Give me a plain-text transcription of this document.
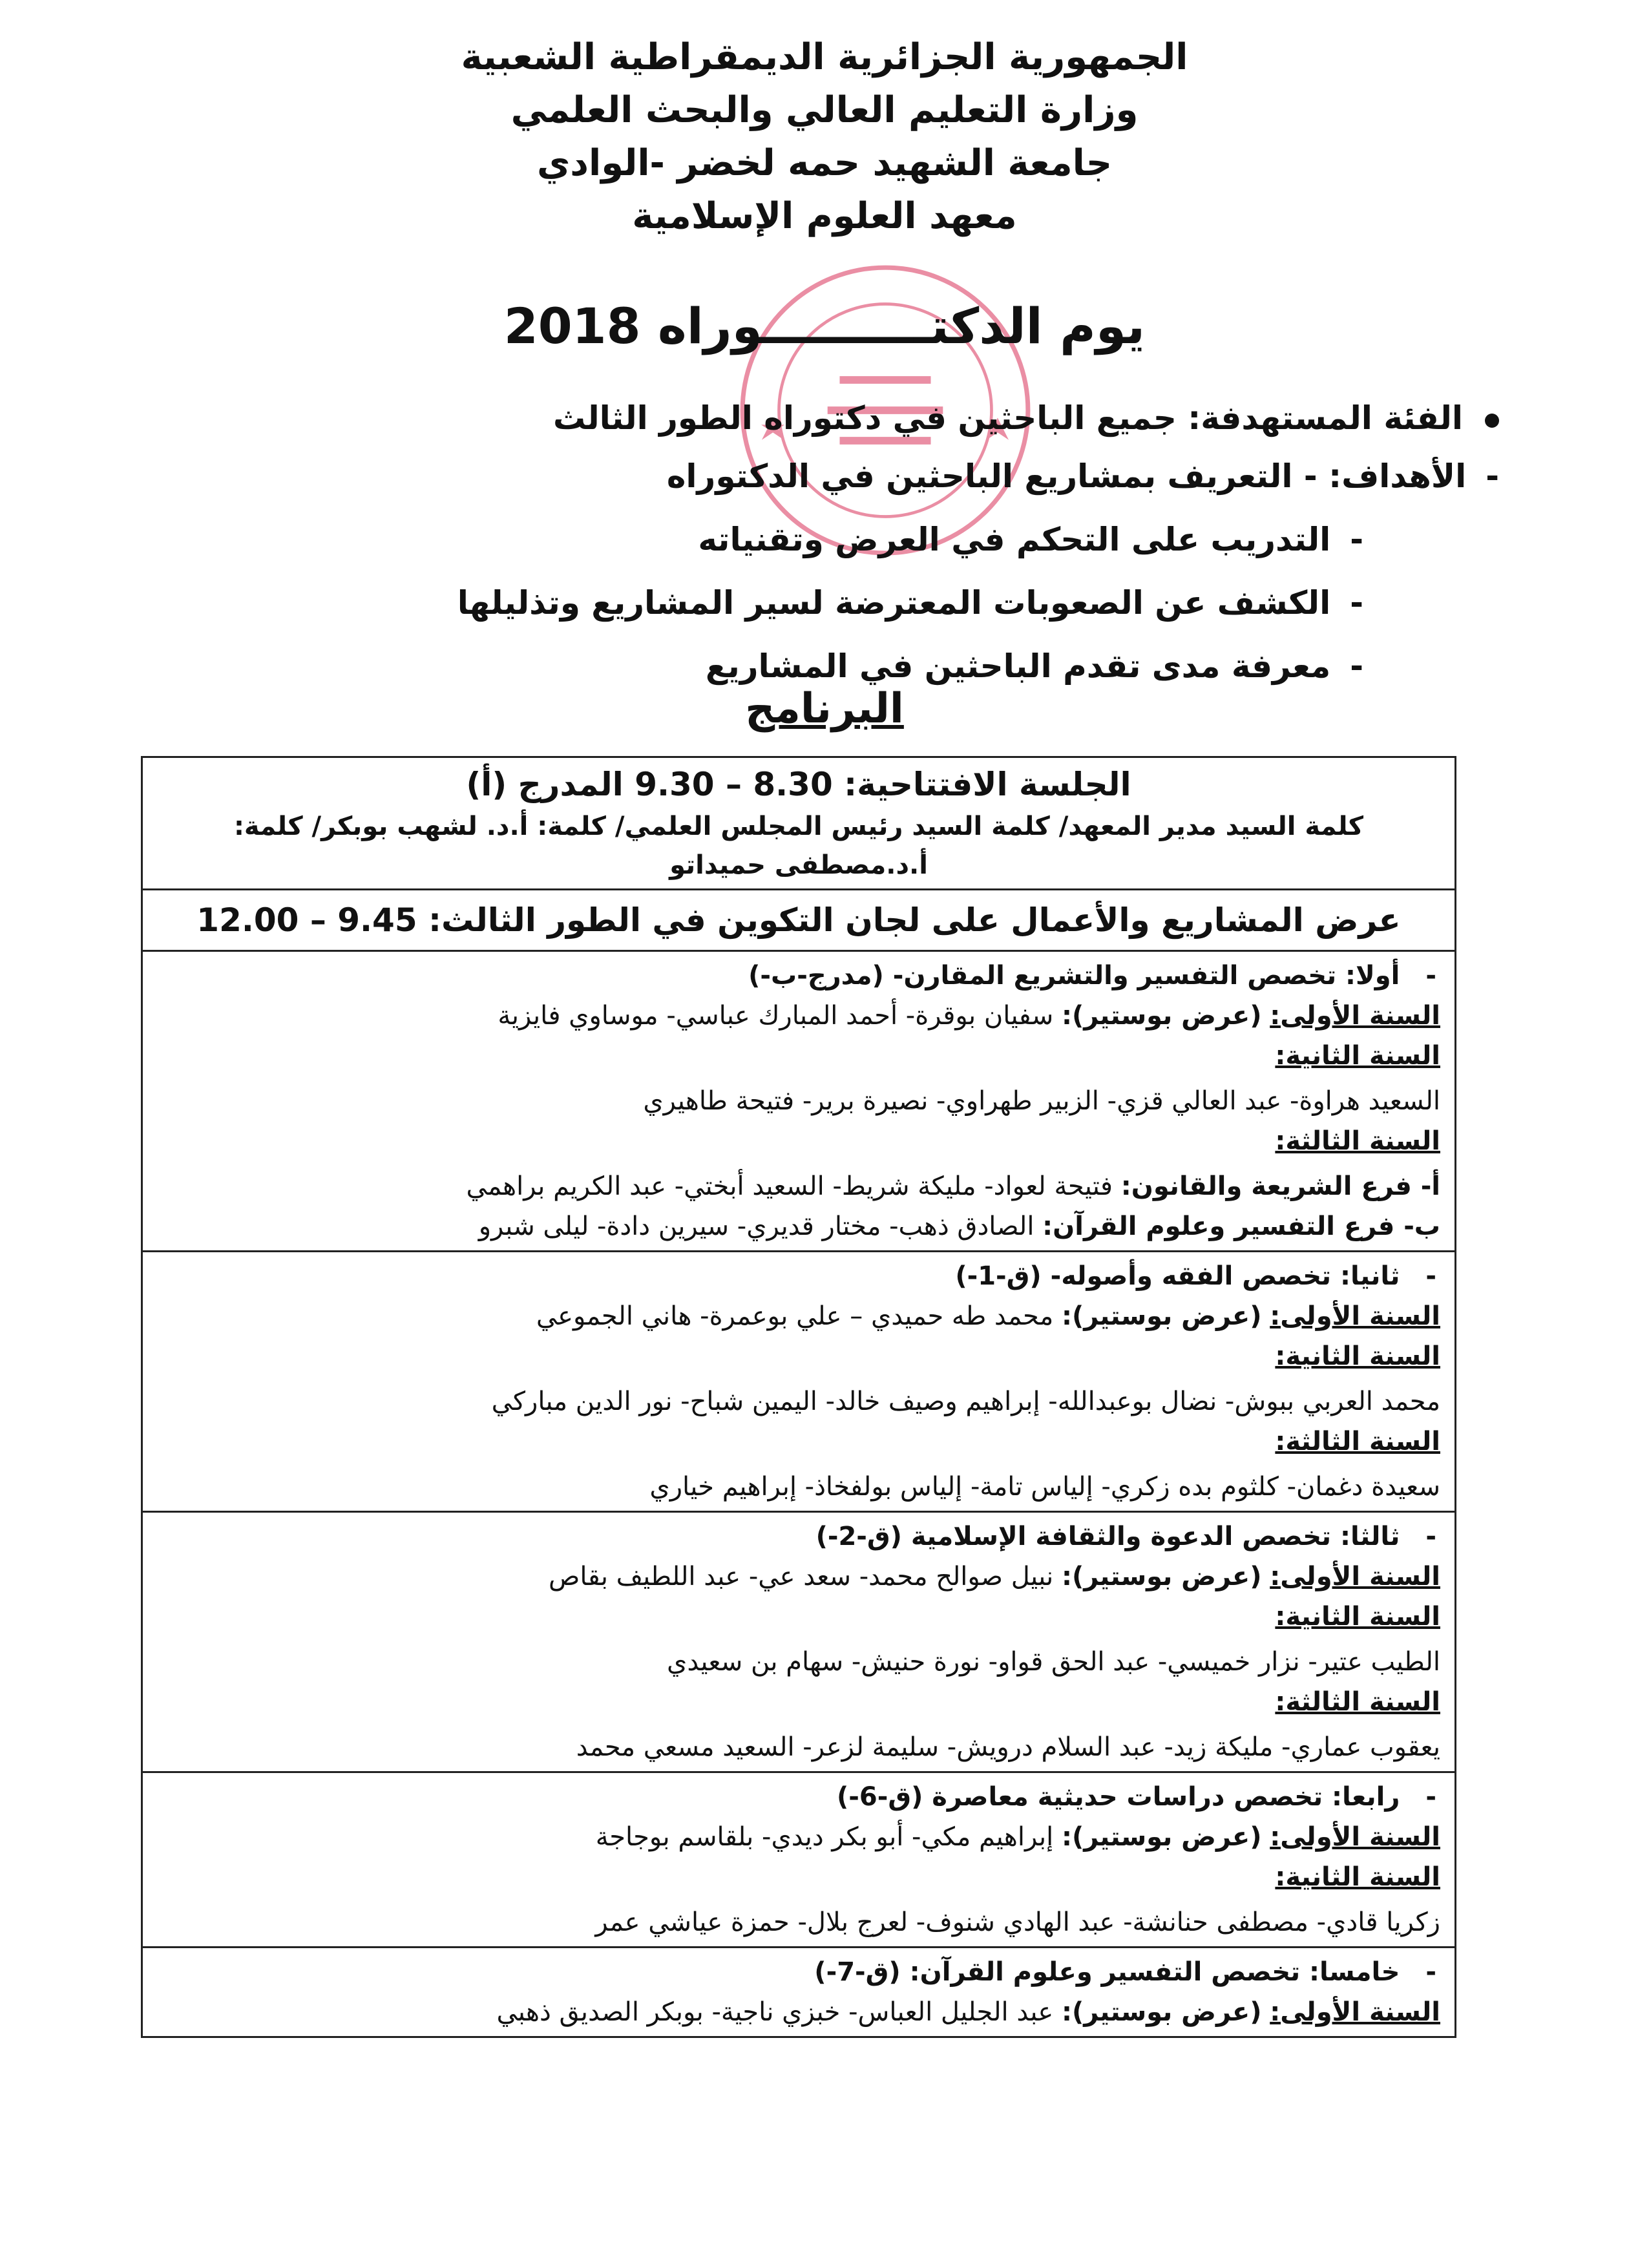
الجمهورية الجزائرية الديمقراطية الشعبية
وزارة التعليم العالي والبحث العلمي
جامعة الشهيد حمه لخضر -الوادي
معهد العلوم الإسلامية
يوم الدكتــــــــــوراه 2018
الفئة المستهدفة: جميع الباحثين في دكتوراه الطور الثالث
-الأهداف: - التعريف بمشاريع الباحثين في الدكتوراه
-التدريب على التحكم في العرض وتقنياته
-الكشف عن الصعوبات المعترضة لسير المشاريع وتذليلها
-معرفة مدى تقدم الباحثين في المشاريع
البرنامج
الجلسة الافتتاحية: 8.30 – 9.30 المدرج (أ)
كلمة السيد مدير المعهد/ كلمة السيد رئيس المجلس العلمي/ كلمة: أ.د. لشهب بوبكر/ كلمة: أ.د.مصطفى حميداتو
عرض المشاريع والأعمال على لجان التكوين في الطور الثالث: 9.45 – 12.00
-أولا: تخصص التفسير والتشريع المقارن- (مدرج-ب-)
السنة الأولى: (عرض بوستير): سفيان بوقرة- أحمد المبارك عباسي- موساوي فايزية
السنة الثانية:
السعيد هراوة- عبد العالي قزي- الزبير طهراوي- نصيرة برير- فتيحة طاهيري
السنة الثالثة:
أ- فرع الشريعة والقانون: فتيحة لعواد- مليكة شريط- السعيد أبختي- عبد الكريم براهمي
ب- فرع التفسير وعلوم القرآن: الصادق ذهب- مختار قديري- سيرين دادة- ليلى شبرو
-ثانيا: تخصص الفقه وأصوله- (ق-1-)
السنة الأولى: (عرض بوستير): محمد طه حميدي – علي بوعمرة- هاني الجموعي
السنة الثانية:
محمد العربي ببوش- نضال بوعبدالله- إبراهيم وصيف خالد- اليمين شباح- نور الدين مباركي
السنة الثالثة:
سعيدة دغمان- كلثوم بده زكري- إلياس تامة- إلياس بولفخاذ- إبراهيم خياري
-ثالثا: تخصص الدعوة والثقافة الإسلامية (ق-2-)
السنة الأولى: (عرض بوستير): نبيل صوالح محمد- سعد عي- عبد اللطيف بقاص
السنة الثانية:
الطيب عتير- نزار خميسي- عبد الحق قواو- نورة حنيش- سهام بن سعيدي
السنة الثالثة:
يعقوب عماري- مليكة زيد- عبد السلام درويش- سليمة لزعر- السعيد مسعي محمد
-رابعا: تخصص دراسات حديثية معاصرة (ق-6-)
السنة الأولى: (عرض بوستير): إبراهيم مكي- أبو بكر ديدي- بلقاسم بوجاجة
السنة الثانية:
زكريا قادي- مصطفى حنانشة- عبد الهادي شنوف- لعرج بلال- حمزة عياشي عمر
-خامسا: تخصص التفسير وعلوم القرآن: (ق-7-)
السنة الأولى: (عرض بوستير): عبد الجليل العباس- خبزي ناجية- بوبكر الصديق ذهبي
